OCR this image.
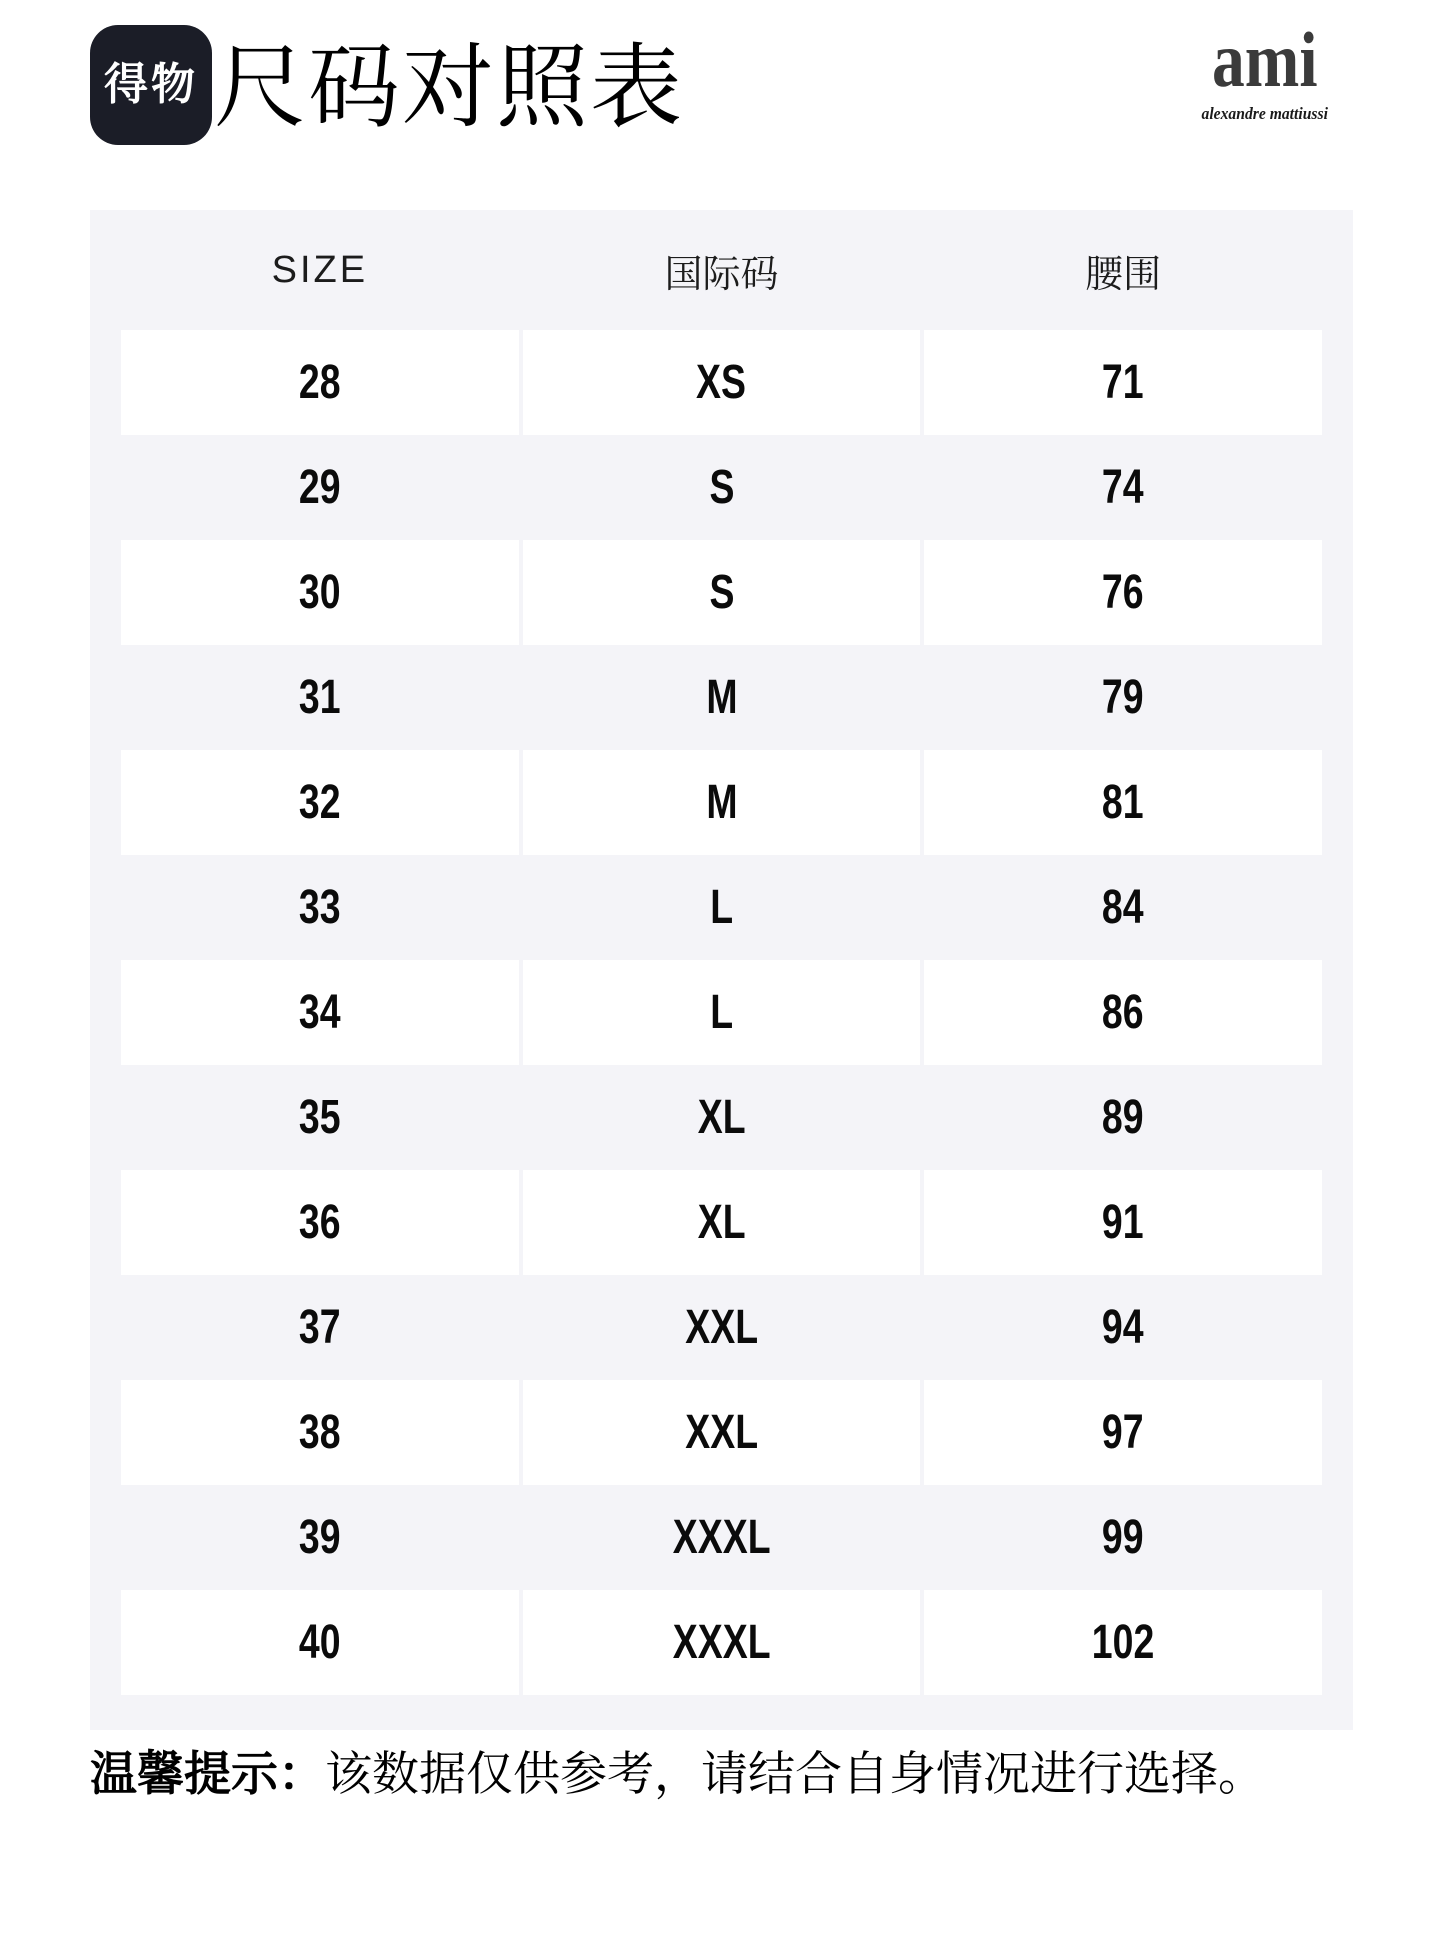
得物 尺码对照表	ami
alexandre mattiussi
SIZE	国际码	腰围
28	XS	71
29	S	74
30	S	76
31	M	79
32	M	81
33	L	84
34	L	86
35	XL	89
36	XL	91
37	XXL	94
38	XXL	97
39	XXXL	99
40	XXXL	102
温馨提示：该数据仅供参考，请结合自身情况进行选择。
